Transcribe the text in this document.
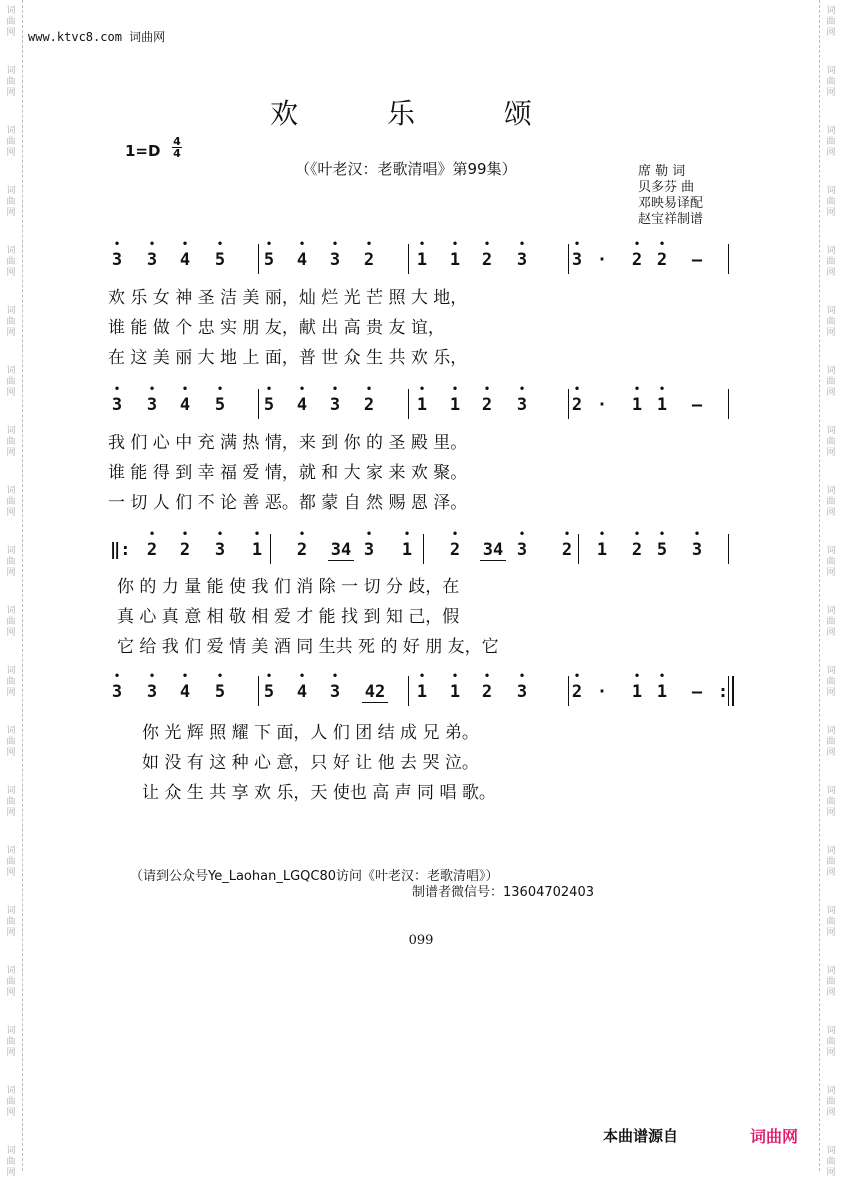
词
曲
网
词
曲
网
词
曲
网
词
曲
网
词
曲
网
词
曲
网
词
曲
网
词
曲
网
词
曲
网
词
曲
网
词
曲
网
词
曲
网
词
曲
网
词
曲
网
词
曲
网
词
曲
网
词
曲
网
词
曲
网
词
曲
网
词
曲
网
词
曲
网
词
曲
网
词
曲
网
词
曲
网
词
曲
网
词
曲
网
词
曲
网
词
曲
网
词
曲
网
词
曲
网
词
曲
网
词
曲
网
词
曲
网
词
曲
网
词
曲
网
词
曲
网
词
曲
网
词
曲
网
词
曲
网
词
曲
网
www.ktvc8.com 词曲网
欢 乐 颂
$1=D \frac{4}{4}$
（《叶老汉：老歌清唱》第99集）	席 勒 词
贝多芬 曲
邓映易译配
赵宝祥制谱
3
•
3
•
4
•
5
•
5
•
4
•
3
•
2
•
1
•
1
•
2
•
3
•
3
•
· 2
•
2
•
–
欢 乐 女 神 圣 洁 美 丽，灿 烂 光 芒 照 大 地，
谁 能 做 个 忠 实 朋 友，献 出 高 贵 友 谊，
在 这 美 丽 大 地 上 面，普 世 众 生 共 欢 乐，
3
•
3
•
4
•
5
•
5
•
4
•
3
•
2
•
1
•
1
•
2
•
3
•
2
•
· 1
•
1
•
–
我 们 心 中 充 满 热 情，来 到 你 的 圣 殿 里。
谁 能 得 到 幸 福 爱 情，就 和 大 家 来 欢 聚。
一 切 人 们 不 论 善 恶。都 蒙 自 然 赐 恩 泽。
‖: 2
•
2
•
3
•
1
•
2
•
34 3
•
1
•
2
•
34 3
•
2
•
1
•
2
•
5
•
3
•
你 的 力 量 能 使 我 们 消 除 一 切 分 歧，在
真 心 真 意 相 敬 相 爱 才 能 找 到 知 己，假
它 给 我 们 爱 情 美 酒 同 生共 死 的 好 朋 友，它
3
•
3
•
4
•
5
•
5
•
4
•
3
•
42 1
•
1
•
2
•
3
•
2
•
· 1
•
1
•
– :
你 光 辉 照 耀 下 面，人 们 团 结 成 兄 弟。
如 没 有 这 种 心 意，只 好 让 他 去 哭 泣。
让 众 生 共 享 欢 乐，天 使也 高 声 同 唱 歌。
（请到公众号Ye_Laohan_LGQC80访问《叶老汉：老歌清唱》）
制谱者微信号：13604702403
099
本曲谱源自	词曲网
